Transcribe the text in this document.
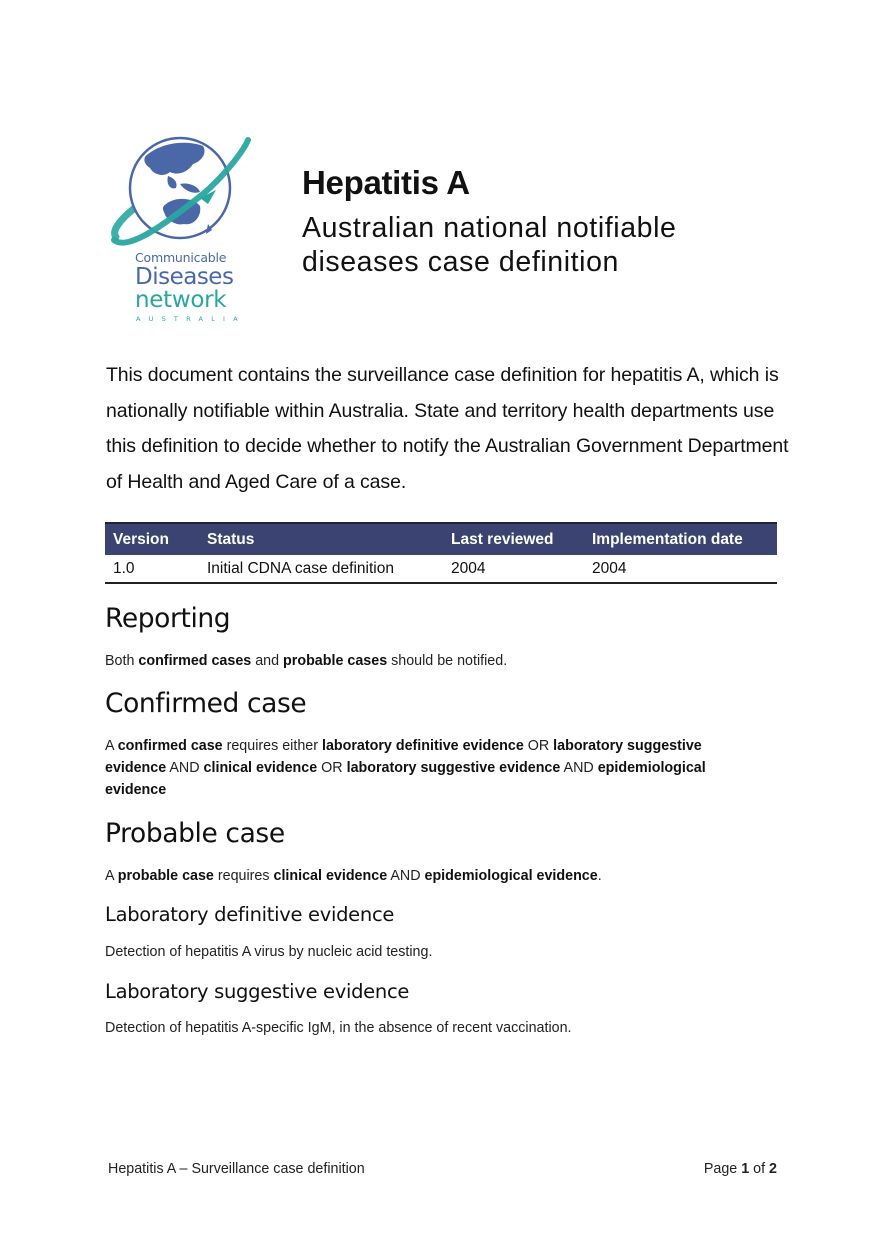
Communicable
Diseases
network
AUSTRALIA
Hepatitis A

Australian national notifiable
diseases case definition

This document contains the surveillance case definition for hepatitis A, which is nationally notifiable within Australia. State and territory health departments use this definition to decide whether to notify the Australian Government Department of Health and Aged Care of a case.

Version	Status	Last reviewed	Implementation date
1.0	Initial CDNA case definition	2004	2004
Reporting

Both confirmed cases and probable cases should be notified.

Confirmed case

A confirmed case requires either laboratory definitive evidence OR laboratory suggestive evidence AND clinical evidence OR laboratory suggestive evidence AND epidemiological evidence

Probable case

A probable case requires clinical evidence AND epidemiological evidence.

Laboratory definitive evidence

Detection of hepatitis A virus by nucleic acid testing.

Laboratory suggestive evidence

Detection of hepatitis A-specific IgM, in the absence of recent vaccination.

Hepatitis A – Surveillance case definition	Page 1 of 2
